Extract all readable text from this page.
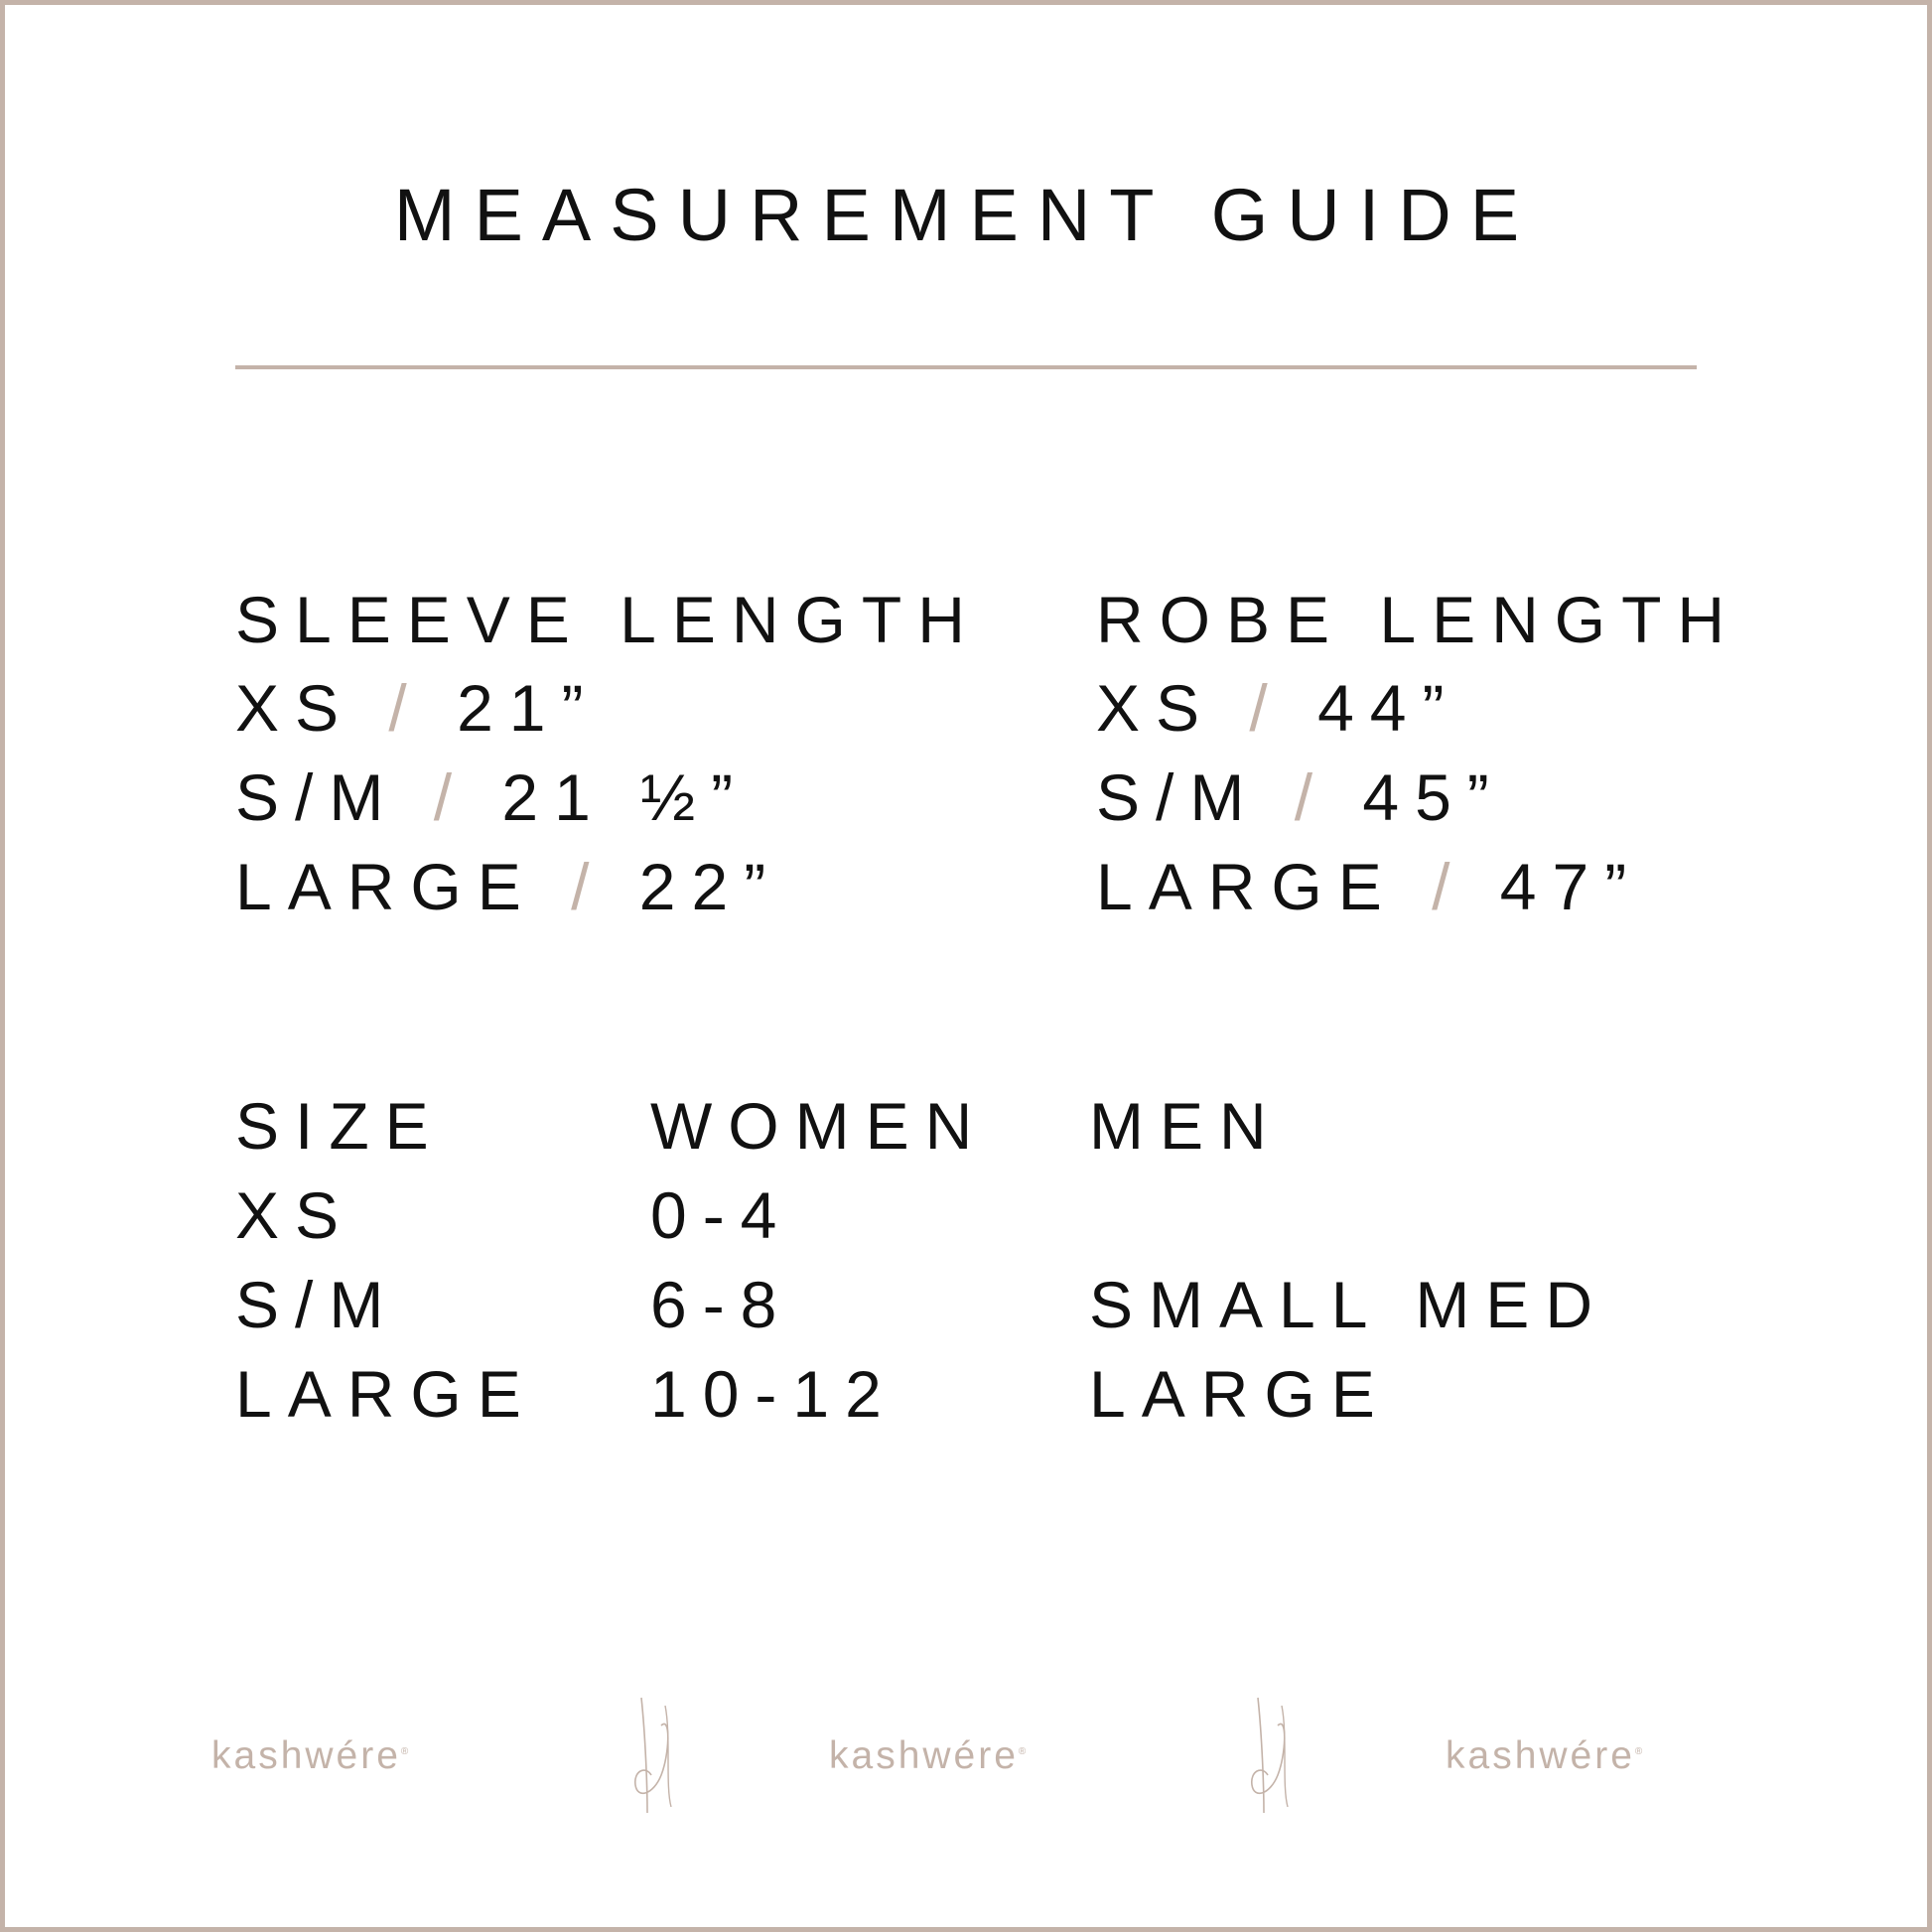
MEASUREMENT GUIDE
SLEEVE LENGTH
XS / 21”
S/M / 21 ½”
LARGE / 22”
ROBE LENGTH
XS / 44”
S/M / 45”
LARGE / 47”
SIZE	WOMEN MEN
XS	0-4
S/M	6-8	SMALL MED
LARGE 10-12	LARGE
kashwére®	kashwére®	kashwére®
